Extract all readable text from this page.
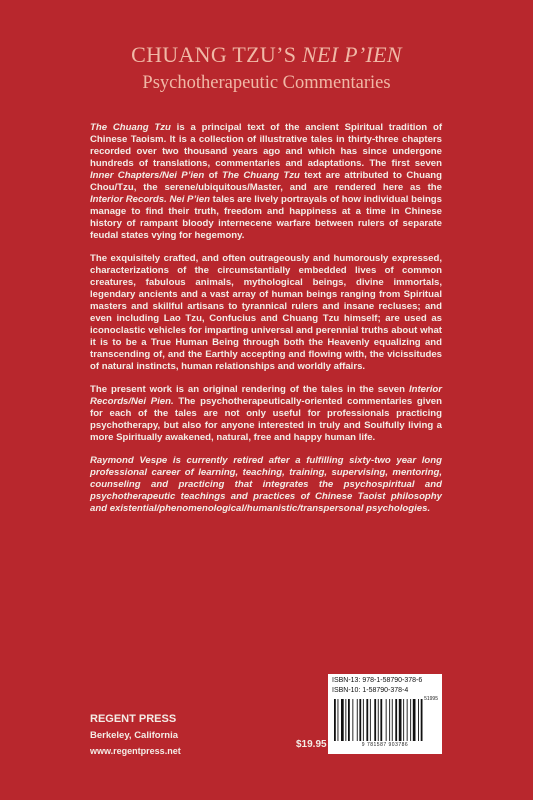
CHUANG TZU’S NEI P’IEN
Psychotherapeutic Commentaries

The Chuang Tzu is a principal text of the ancient Spiritual tradition of Chinese Taoism. It is a collection of illustrative tales in thirty-three chapters recorded over two thousand years ago and which has since undergone hundreds of translations, commentaries and adaptations. The first seven Inner Chapters/Nei P’ien of The Chuang Tzu text are attributed to Chuang Chou/Tzu, the serene/ubiquitous/Master, and are rendered here as the Interior Records. Nei P’ien tales are lively portrayals of how individual beings manage to find their truth, freedom and happiness at a time in Chinese history of rampant bloody internecene warfare between rulers of separate feudal states vying for hegemony.

The exquisitely crafted, and often outrageously and humorously expressed, characterizations of the circumstantially embedded lives of common creatures, fabulous animals, mythological beings, divine immortals, legendary ancients and a vast array of human beings ranging from Spiritual masters and skillful artisans to tyrannical rulers and insane recluses; and even including Lao Tzu, Confucius and Chuang Tzu himself; are used as iconoclastic vehicles for imparting universal and perennial truths about what it is to be a True Human Being through both the Heavenly equalizing and transcending of, and the Earthly accepting and flowing with, the vicissitudes of natural instincts, human relationships and worldly affairs.

The present work is an original rendering of the tales in the seven Interior Records/Nei Pien. The psychotherapeutically-oriented commentaries given for each of the tales are not only useful for professionals practicing psychotherapy, but also for anyone interested in truly and Soulfully living a more Spiritually awakened, natural, free and happy human life.

Raymond Vespe is currently retired after a fulfilling sixty-two year long professional career of learning, teaching, training, supervising, mentoring, counseling and practicing that integrates the psychospiritual and psychotherapeutic teachings and practices of Chinese Taoist philosophy and existential/phenomenological/humanistic/transpersonal psychologies.

REGENT PRESS
Berkeley, California
www.regentpress.net
$19.95
ISBN-13: 978-1-58790-378-6
ISBN-10: 1-58790-378-4
51995
9 781587 903786
